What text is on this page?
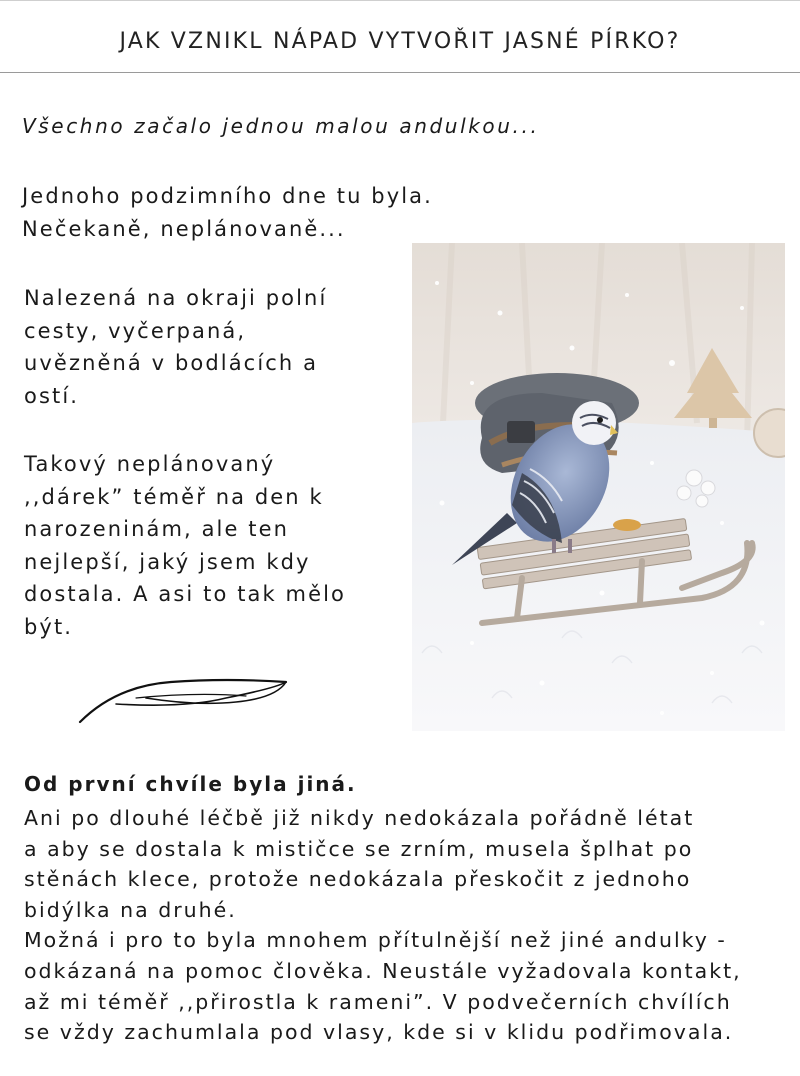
JAK VZNIKL NÁPAD VYTVOŘIT JASNÉ PÍRKO?

Všechno začalo jednou malou andulkou...

Jednoho podzimního dne tu byla.
Nečekaně, neplánovaně...
Nalezená na okraji polní
cesty, vyčerpaná,
uvězněná v bodlácích a
ostí.
Takový neplánovaný
,,dárek” téměř na den k
narozeninám, ale ten
nejlepší, jaký jsem kdy
dostala. A asi to tak mělo
být.

Od první chvíle byla jiná.

Ani po dlouhé léčbě již nikdy nedokázala pořádně létat
a aby se dostala k mističce se zrním, musela šplhat po
stěnách klece, protože nedokázala přeskočit z jednoho
bidýlka na druhé.
Možná i pro to byla mnohem přítulnější než jiné andulky -
odkázaná na pomoc člověka. Neustále vyžadovala kontakt,
až mi téměř ,,přirostla k rameni”. V podvečerních chvílích
se vždy zachumlala pod vlasy, kde si v klidu podřimovala.
